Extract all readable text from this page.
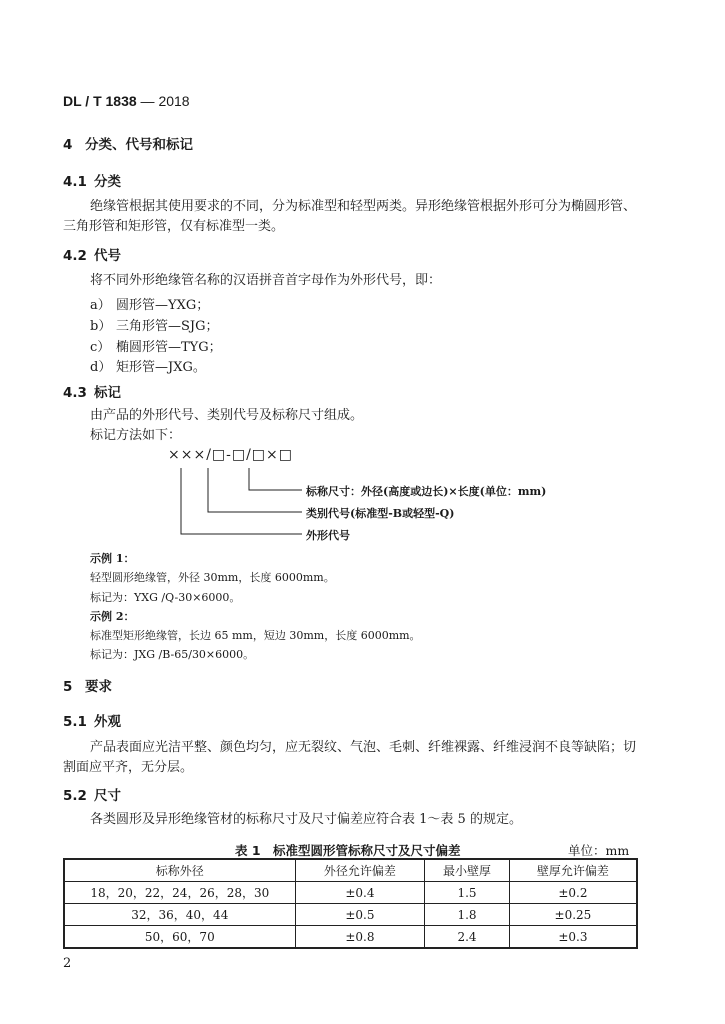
DL / T 1838 — 2018
4 分类、代号和标记
4.1 分类
绝缘管根据其使用要求的不同，分为标准型和轻型两类。异形绝缘管根据外形可分为椭圆形管、
三角形管和矩形管，仅有标准型一类。
4.2 代号
将不同外形绝缘管名称的汉语拼音首字母作为外形代号，即：
a） 圆形管—YXG；
b） 三角形管—SJG；
c） 椭圆形管—TYG；
d） 矩形管—JXG。
4.3 标记
由产品的外形代号、类别代号及标称尺寸组成。
标记方法如下：
×××/□-□/□×□
标称尺寸：外径(高度或边长)×长度(单位：mm)
类别代号(标准型-B或轻型-Q)
外形代号
示例 1：
轻型圆形绝缘管，外径 30mm，长度 6000mm。
标记为：YXG /Q-30×6000。
示例 2：
标准型矩形绝缘管，长边 65 mm，短边 30mm，长度 6000mm。
标记为：JXG /B-65/30×6000。
5 要求
5.1 外观
产品表面应光洁平整、颜色均匀，应无裂纹、气泡、毛刺、纤维裸露、纤维浸润不良等缺陷；切
割面应平齐，无分层。
5.2 尺寸
各类圆形及异形绝缘管材的标称尺寸及尺寸偏差应符合表 1～表 5 的规定。
表 1　标准型圆形管标称尺寸及尺寸偏差	单位：mm
标称外径	外径允许偏差	最小壁厚	壁厚允许偏差
18，20，22，24，26，28，30	±0.4	1.5	±0.2
32，36，40，44	±0.5	1.8	±0.25
50，60，70	±0.8	2.4	±0.3
2
